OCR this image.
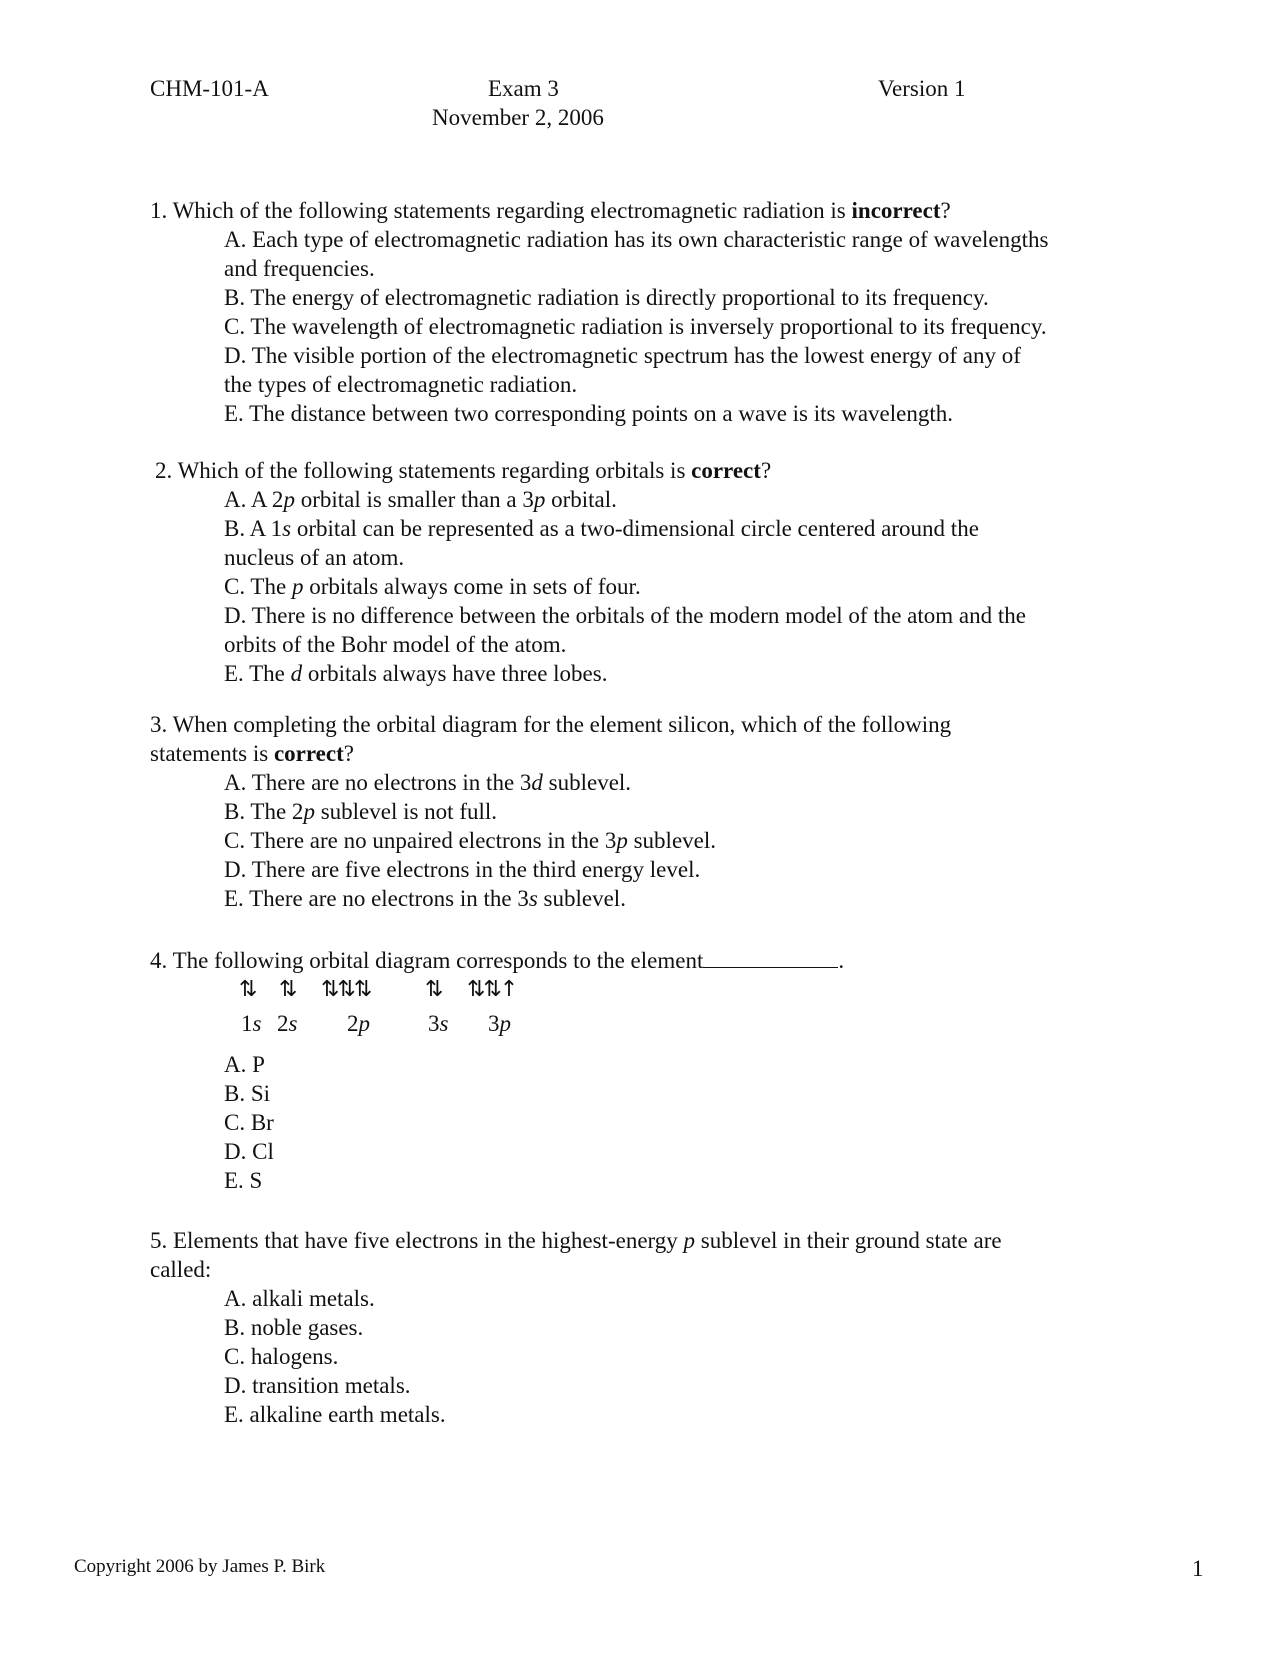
CHM-101-A	Exam 3	Version 1
November 2, 2006

1. Which of the following statements regarding electromagnetic radiation is incorrect?

A. Each type of electromagnetic radiation has its own characteristic range of wavelengths
and frequencies.
B. The energy of electromagnetic radiation is directly proportional to its frequency.
C. The wavelength of electromagnetic radiation is inversely proportional to its frequency.
D. The visible portion of the electromagnetic spectrum has the lowest energy of any of
the types of electromagnetic radiation.
E. The distance between two corresponding points on a wave is its wavelength.

2. Which of the following statements regarding orbitals is correct?

A. A 2p orbital is smaller than a 3p orbital.
B. A 1s orbital can be represented as a two-dimensional circle centered around the
nucleus of an atom.
C. The p orbitals always come in sets of four.
D. There is no difference between the orbitals of the modern model of the atom and the
orbits of the Bohr model of the atom.
E. The d orbitals always have three lobes.

3. When completing the orbital diagram for the element silicon, which of the following
statements is correct?

A. There are no electrons in the 3d sublevel.
B. The 2p sublevel is not full.
C. There are no unpaired electrons in the 3p sublevel.
D. There are five electrons in the third energy level.
E. There are no electrons in the 3s sublevel.

4. The following orbital diagram corresponds to the element	.

⇅ ⇅ ⇅⇅⇅ ⇅ ⇅⇅↑
1s 2s 2p	3s 3p
A. P
B. Si
C. Br
D. Cl
E. S

5. Elements that have five electrons in the highest-energy p sublevel in their ground state are
called:

A. alkali metals.
B. noble gases.
C. halogens.
D. transition metals.
E. alkaline earth metals.
Copyright 2006 by James P. Birk	1
